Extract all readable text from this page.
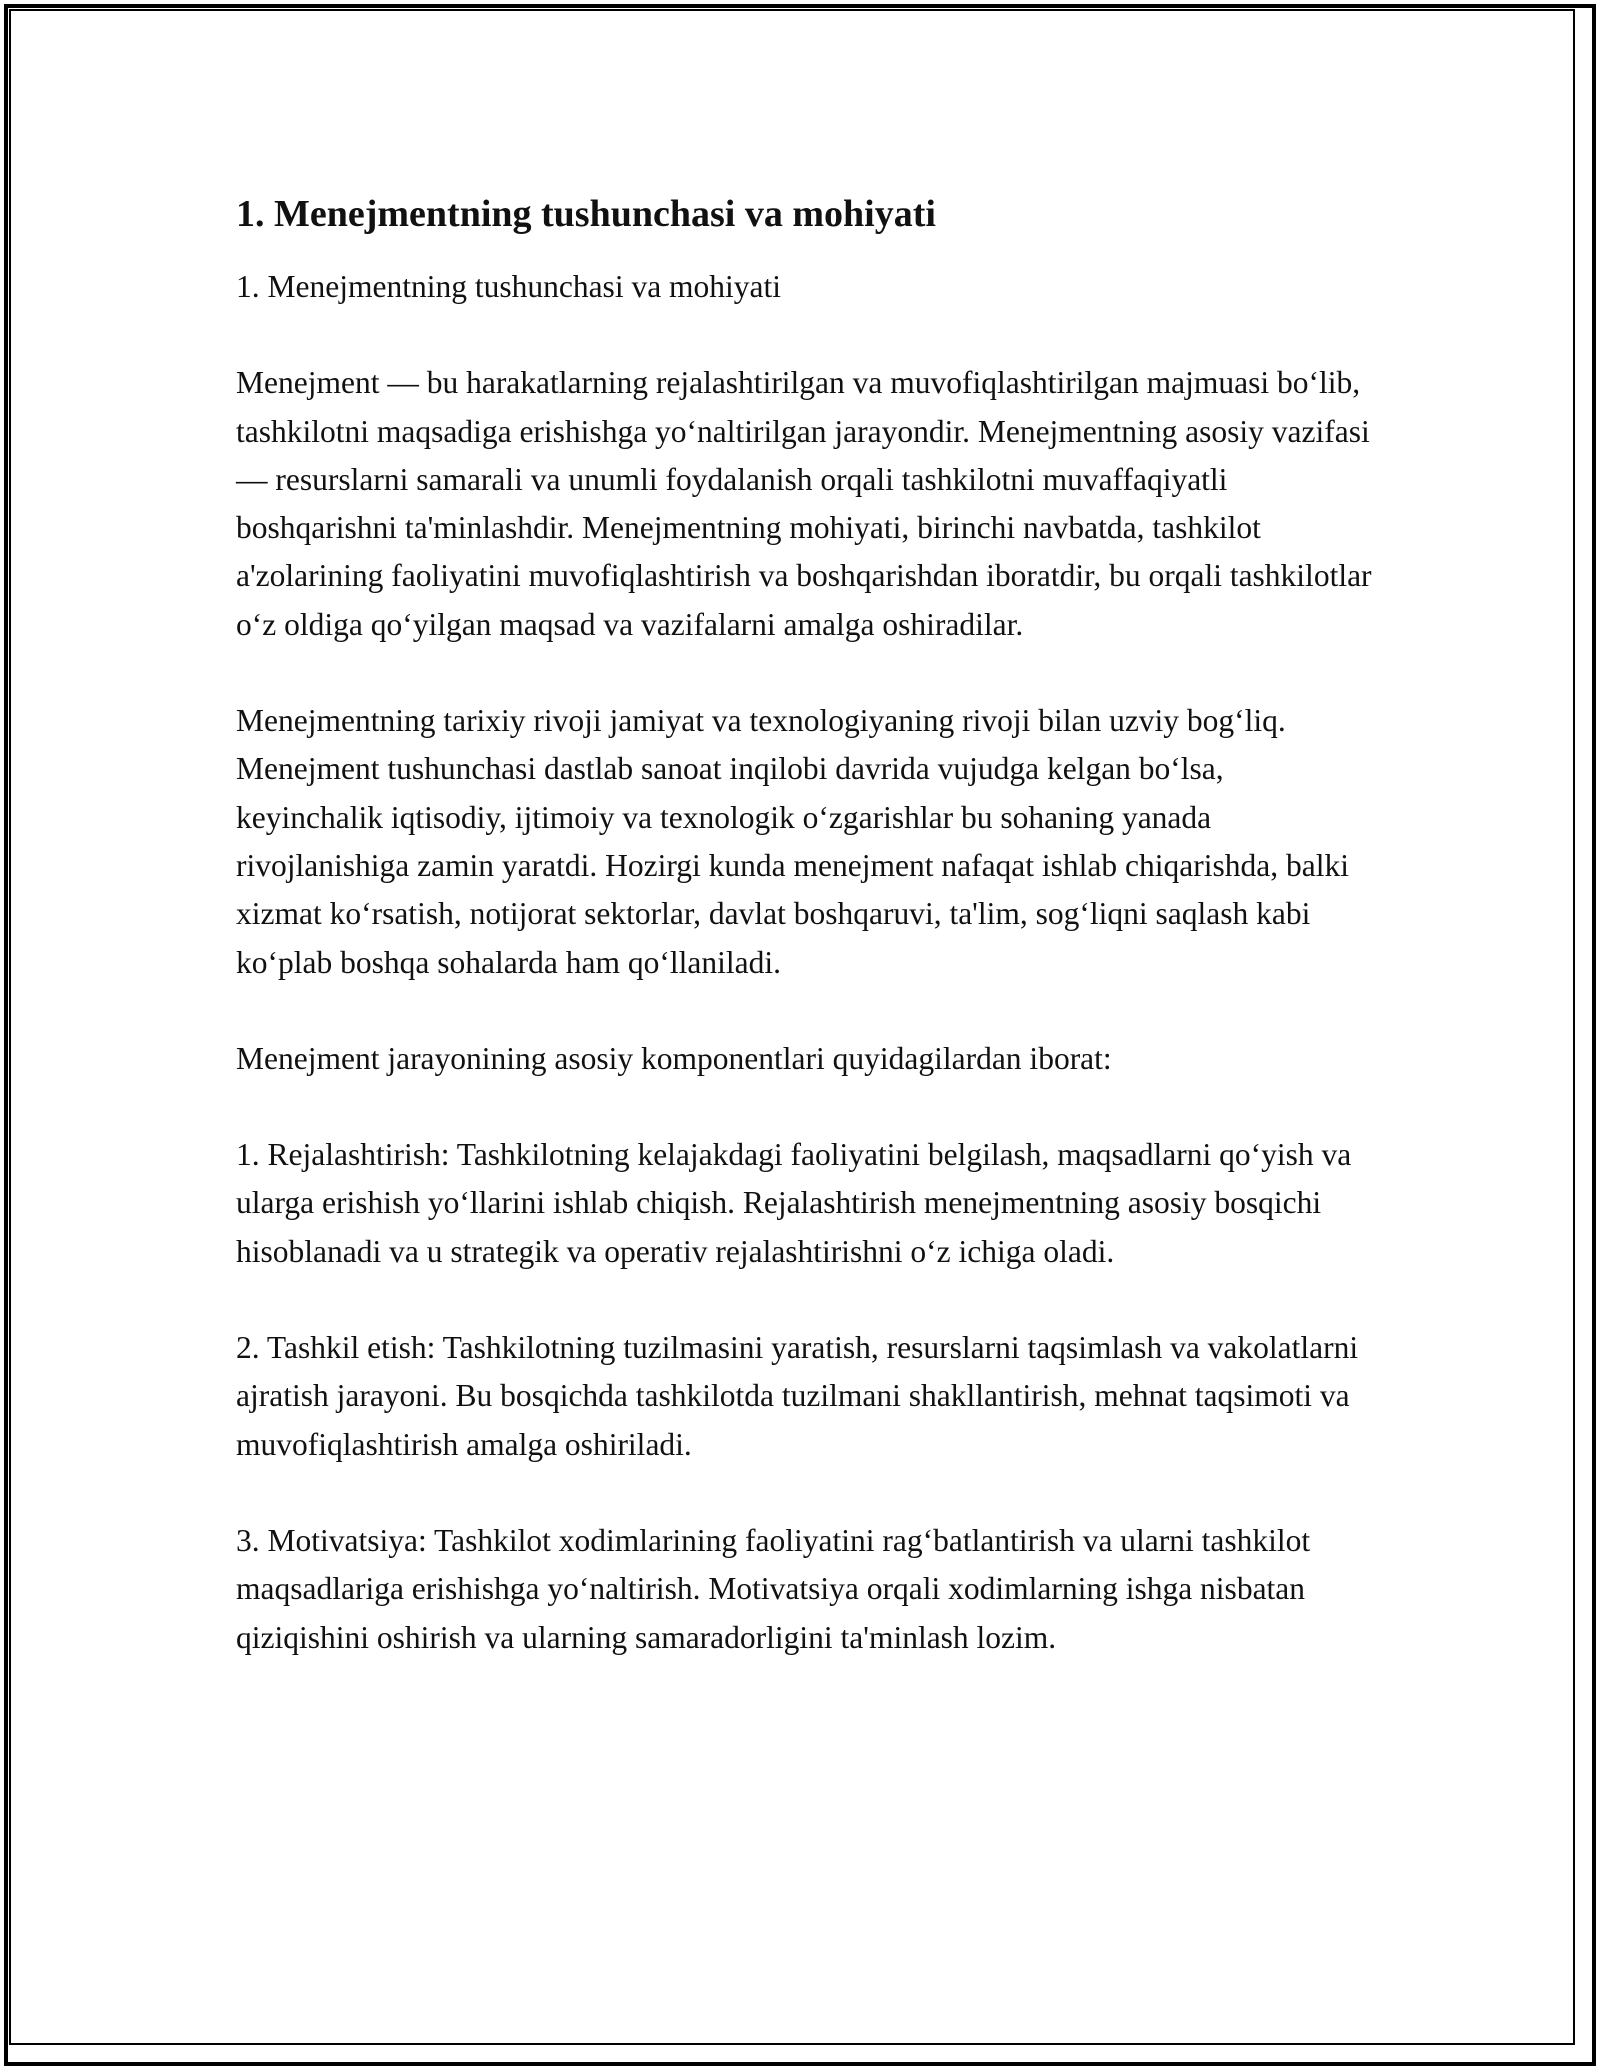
1. Menejmentning tushunchasi va mohiyati

1. Menejmentning tushunchasi va mohiyati

Menejment — bu harakatlarning rejalashtirilgan va muvofiqlashtirilgan majmuasi bo‘lib, tashkilotni maqsadiga erishishga yo‘naltirilgan jarayondir. Menejmentning asosiy vazifasi — resurslarni samarali va unumli foydalanish orqali tashkilotni muvaffaqiyatli boshqarishni ta'minlashdir. Menejmentning mohiyati, birinchi navbatda, tashkilot a'zolarining faoliyatini muvofiqlashtirish va boshqarishdan iboratdir, bu orqali tashkilotlar o‘z oldiga qo‘yilgan maqsad va vazifalarni amalga oshiradilar.

Menejmentning tarixiy rivoji jamiyat va texnologiyaning rivoji bilan uzviy bog‘liq. Menejment tushunchasi dastlab sanoat inqilobi davrida vujudga kelgan bo‘lsa, keyinchalik iqtisodiy, ijtimoiy va texnologik o‘zgarishlar bu sohaning yanada rivojlanishiga zamin yaratdi. Hozirgi kunda menejment nafaqat ishlab chiqarishda, balki xizmat ko‘rsatish, notijorat sektorlar, davlat boshqaruvi, ta'lim, sog‘liqni saqlash kabi ko‘plab boshqa sohalarda ham qo‘llaniladi.

Menejment jarayonining asosiy komponentlari quyidagilardan iborat:

1. Rejalashtirish: Tashkilotning kelajakdagi faoliyatini belgilash, maqsadlarni qo‘yish va ularga erishish yo‘llarini ishlab chiqish. Rejalashtirish menejmentning asosiy bosqichi hisoblanadi va u strategik va operativ rejalashtirishni o‘z ichiga oladi.

2. Tashkil etish: Tashkilotning tuzilmasini yaratish, resurslarni taqsimlash va vakolatlarni ajratish jarayoni. Bu bosqichda tashkilotda tuzilmani shakllantirish, mehnat taqsimoti va muvofiqlashtirish amalga oshiriladi.

3. Motivatsiya: Tashkilot xodimlarining faoliyatini rag‘batlantirish va ularni tashkilot maqsadlariga erishishga yo‘naltirish. Motivatsiya orqali xodimlarning ishga nisbatan qiziqishini oshirish va ularning samaradorligini ta'minlash lozim.
